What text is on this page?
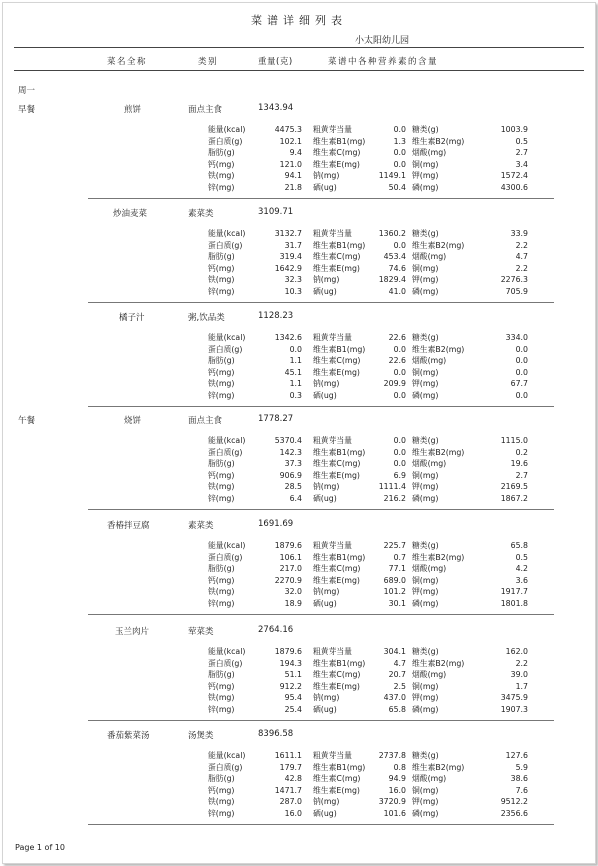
菜谱详细列表
小太阳幼儿园
菜名全称	类别	重量(克)	菜谱中各种营养素的含量
周一
早餐	煎饼	面点主食	1343.94
能量(kcal)	4475.3 粗黄芽当量	0.0 糖类(g)	1003.9
蛋白质(g)	102.1 维生素B1(mg)	1.3 维生素B2(mg)	0.5
脂肪(g)	9.4 维生素C(mg)	0.0 烟酸(mg)	2.7
钙(mg)	121.0 维生素E(mg)	0.0 铜(mg)	3.4
铁(mg)	94.1 钠(mg)	1149.1 钾(mg)	1572.4
锌(mg)	21.8 硒(ug)	50.4 磷(mg)	4300.6
炒油麦菜	素菜类	3109.71
能量(kcal)	3132.7 粗黄芽当量	1360.2 糖类(g)	33.9
蛋白质(g)	31.7 维生素B1(mg)	0.0 维生素B2(mg)	2.2
脂肪(g)	319.4 维生素C(mg)	453.4 烟酸(mg)	4.7
钙(mg)	1642.9 维生素E(mg)	74.6 铜(mg)	2.2
铁(mg)	32.3 钠(mg)	1829.4 钾(mg)	2276.3
锌(mg)	10.3 硒(ug)	41.0 磷(mg)	705.9
橘子汁	粥,饮品类	1128.23
能量(kcal)	1342.6 粗黄芽当量	22.6 糖类(g)	334.0
蛋白质(g)	0.0 维生素B1(mg)	0.0 维生素B2(mg)	0.0
脂肪(g)	1.1 维生素C(mg)	22.6 烟酸(mg)	0.0
钙(mg)	45.1 维生素E(mg)	0.0 铜(mg)	0.0
铁(mg)	1.1 钠(mg)	209.9 钾(mg)	67.7
锌(mg)	0.3 硒(ug)	0.0 磷(mg)	0.0
午餐	烧饼	面点主食	1778.27
能量(kcal)	5370.4 粗黄芽当量	0.0 糖类(g)	1115.0
蛋白质(g)	142.3 维生素B1(mg)	0.0 维生素B2(mg)	0.2
脂肪(g)	37.3 维生素C(mg)	0.0 烟酸(mg)	19.6
钙(mg)	906.9 维生素E(mg)	6.9 铜(mg)	2.7
铁(mg)	28.5 钠(mg)	1111.4 钾(mg)	2169.5
锌(mg)	6.4 硒(ug)	216.2 磷(mg)	1867.2
香椿拌豆腐	素菜类	1691.69
能量(kcal)	1879.6 粗黄芽当量	225.7 糖类(g)	65.8
蛋白质(g)	106.1 维生素B1(mg)	0.7 维生素B2(mg)	0.5
脂肪(g)	217.0 维生素C(mg)	77.1 烟酸(mg)	4.2
钙(mg)	2270.9 维生素E(mg)	689.0 铜(mg)	3.6
铁(mg)	32.0 钠(mg)	101.2 钾(mg)	1917.7
锌(mg)	18.9 硒(ug)	30.1 磷(mg)	1801.8
玉兰肉片	荤菜类	2764.16
能量(kcal)	1879.6 粗黄芽当量	304.1 糖类(g)	162.0
蛋白质(g)	194.3 维生素B1(mg)	4.7 维生素B2(mg)	2.2
脂肪(g)	51.1 维生素C(mg)	20.7 烟酸(mg)	39.0
钙(mg)	912.2 维生素E(mg)	2.5 铜(mg)	1.7
铁(mg)	95.4 钠(mg)	437.0 钾(mg)	3475.9
锌(mg)	25.4 硒(ug)	65.8 磷(mg)	1907.3
番茄紫菜汤	汤煲类	8396.58
能量(kcal)	1611.1 粗黄芽当量	2737.8 糖类(g)	127.6
蛋白质(g)	179.7 维生素B1(mg)	0.8 维生素B2(mg)	5.9
脂肪(g)	42.8 维生素C(mg)	94.9 烟酸(mg)	38.6
钙(mg)	1471.7 维生素E(mg)	16.0 铜(mg)	7.6
铁(mg)	287.0 钠(mg)	3720.9 钾(mg)	9512.2
锌(mg)	16.0 硒(ug)	101.6 磷(mg)	2356.6
Page 1 of 10
